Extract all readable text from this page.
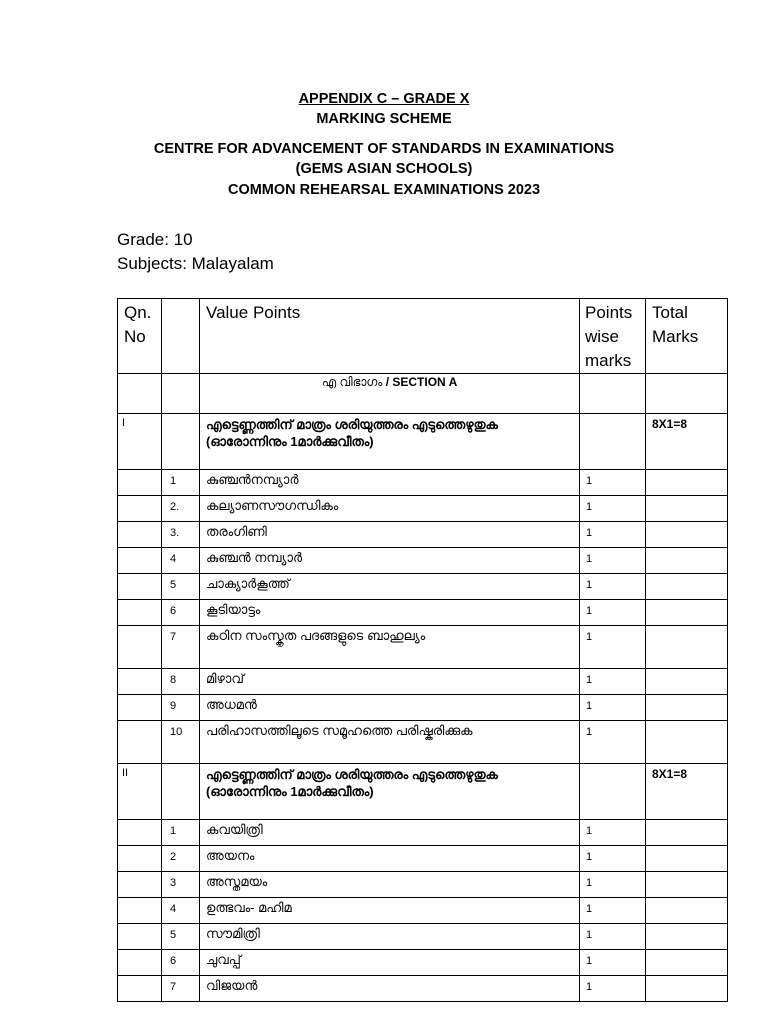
APPENDIX C – GRADE X
MARKING SCHEME
CENTRE FOR ADVANCEMENT OF STANDARDS IN EXAMINATIONS
(GEMS ASIAN SCHOOLS)
COMMON REHEARSAL EXAMINATIONS 2023
Grade: 10
Subjects: Malayalam
Qn. No		Value Points	Points wise marks	Total Marks
		എ വിഭാഗം / SECTION A		
I		എട്ടെണ്ണത്തിന് മാത്രം ശരിയുത്തരം എടുത്തെഴുതുക (ഓരോന്നിനും 1മാർക്കുവീതം)		8X1=8
	1	കുഞ്ചൻനമ്പ്യാർ	1	
	2.	കല്യാണസൗഗന്ധികം	1	
	3.	തരംഗിണി	1	
	4	കുഞ്ചൻ നമ്പ്യാർ	1	
	5	ചാക്യാർകൂത്ത്	1	
	6	കൂടിയാട്ടം	1	
	7	കഠിന സംസ്കൃത പദങ്ങളുടെ ബാഹുല്യം	1	
	8	മിഴാവ്	1	
	9	അധമൻ	1	
	10	പരിഹാസത്തിലൂടെ സമൂഹത്തെ പരിഷ്കരിക്കുക	1	
II		എട്ടെണ്ണത്തിന് മാത്രം ശരിയുത്തരം എടുത്തെഴുതുക (ഓരോന്നിനും 1മാർക്കുവീതം)		8X1=8
	1	കവയിത്രി	1	
	2	അയനം	1	
	3	അസ്തമയം	1	
	4	ഉത്ഭവം- മഹിമ	1	
	5	സൗമിത്രി	1	
	6	ചുവപ്പ്	1	
	7	വിജയൻ	1	
